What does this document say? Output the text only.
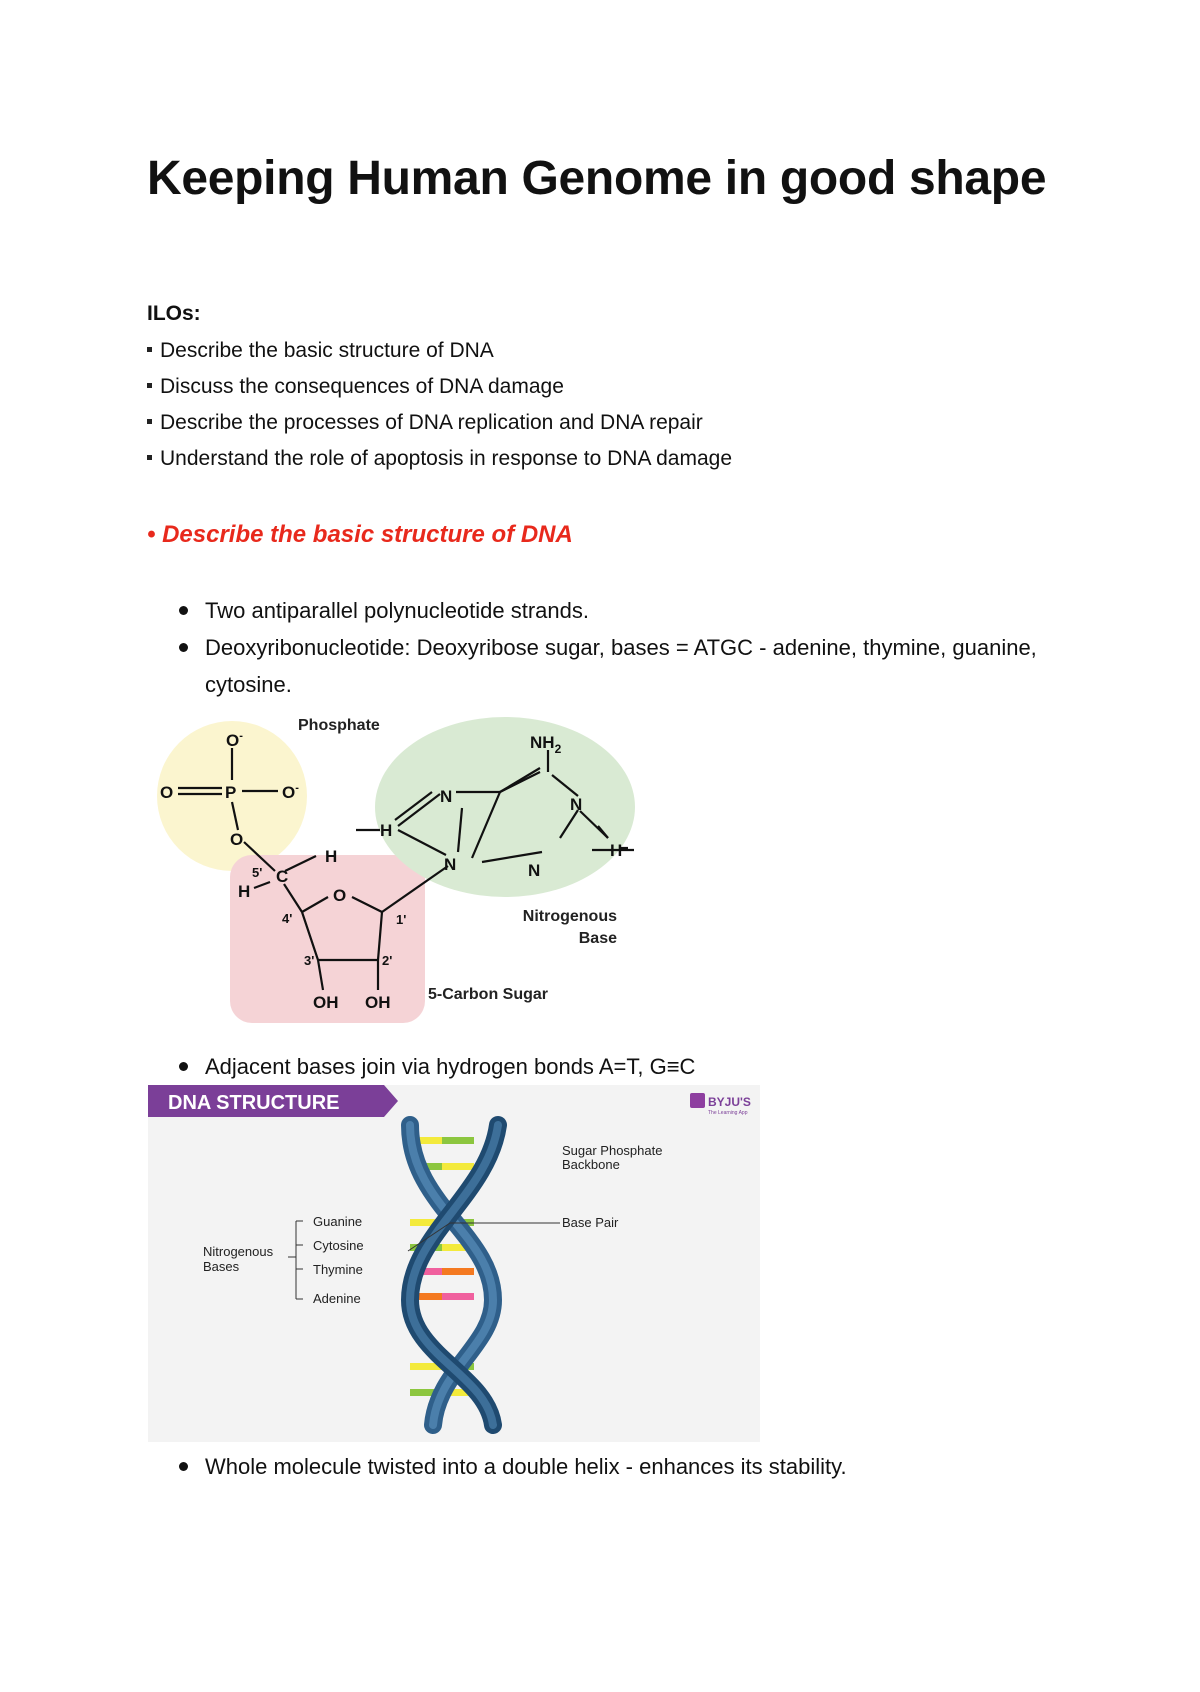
Keeping Human Genome in good shape
ILOs:
Describe the basic structure of DNA
Discuss the consequences of DNA damage
Describe the processes of DNA replication and DNA repair
Understand the role of apoptosis in response to DNA damage
• Describe the basic structure of DNA
Two antiparallel polynucleotide strands.
Deoxyribonucleotide: Deoxyribose sugar, bases = ATGC - adenine, thymine, guanine, cytosine.
O-
O	P	O-
O
C
H
H	O
OH OH
N
N
H
$NH_2$
N
N
H
5'
4'
3'	2'
1'
Phosphate
Nitrogenous
Base
5-Carbon Sugar
Adjacent bases join via hydrogen bonds A=T, G≡C
DNA STRUCTURE	BYJU'S
The Learning App
Sugar Phosphate
Backbone
Base Pair
Nitrogenous
Bases
Guanine
Cytosine
Thymine
Adenine
Whole molecule twisted into a double helix - enhances its stability.
